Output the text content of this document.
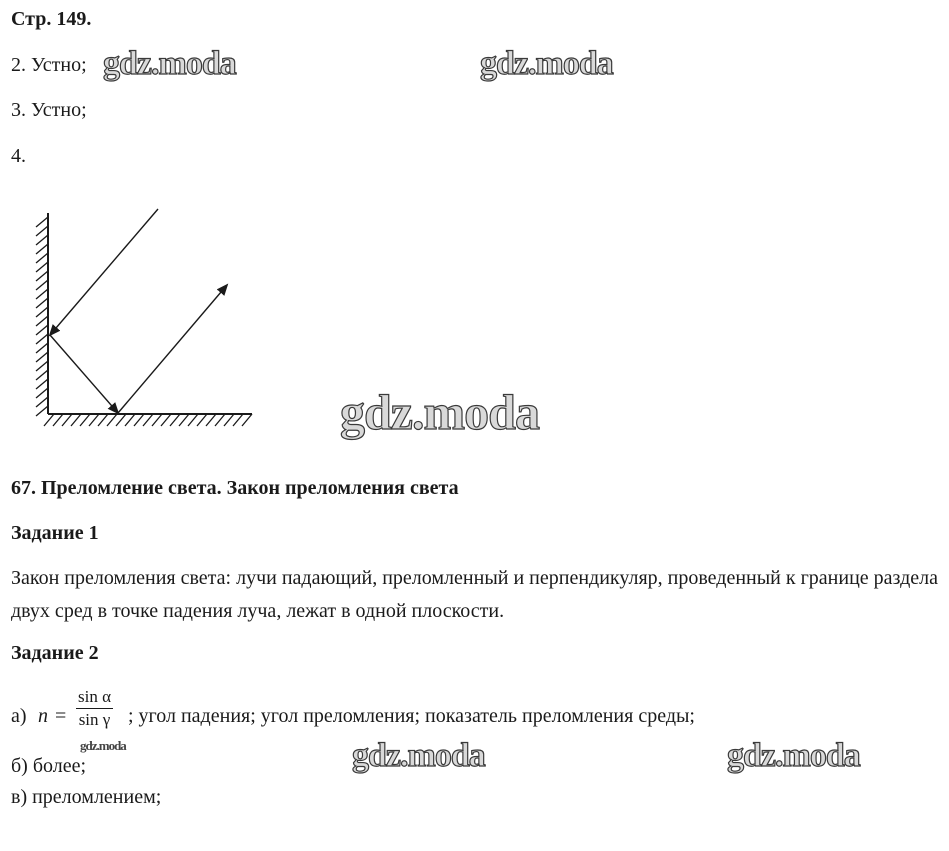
Стр. 149.
2. Устно;
3. Устно;
4.
67. Преломление света. Закон преломления света
Задание 1
Закон преломления света: лучи падающий, преломленный и перпендикуляр, проведенный к границе раздела двух сред в точке падения луча, лежат в одной плоскости.
Задание 2
а) $n = \frac{\text{sin α}}{\text{sin γ}}$ ; угол падения; угол преломления; показатель преломления среды;
б) более;
в) преломлением;
gdz.moda	gdz.moda
gdz.moda
gdz.moda	gdz.moda	gdz.moda
